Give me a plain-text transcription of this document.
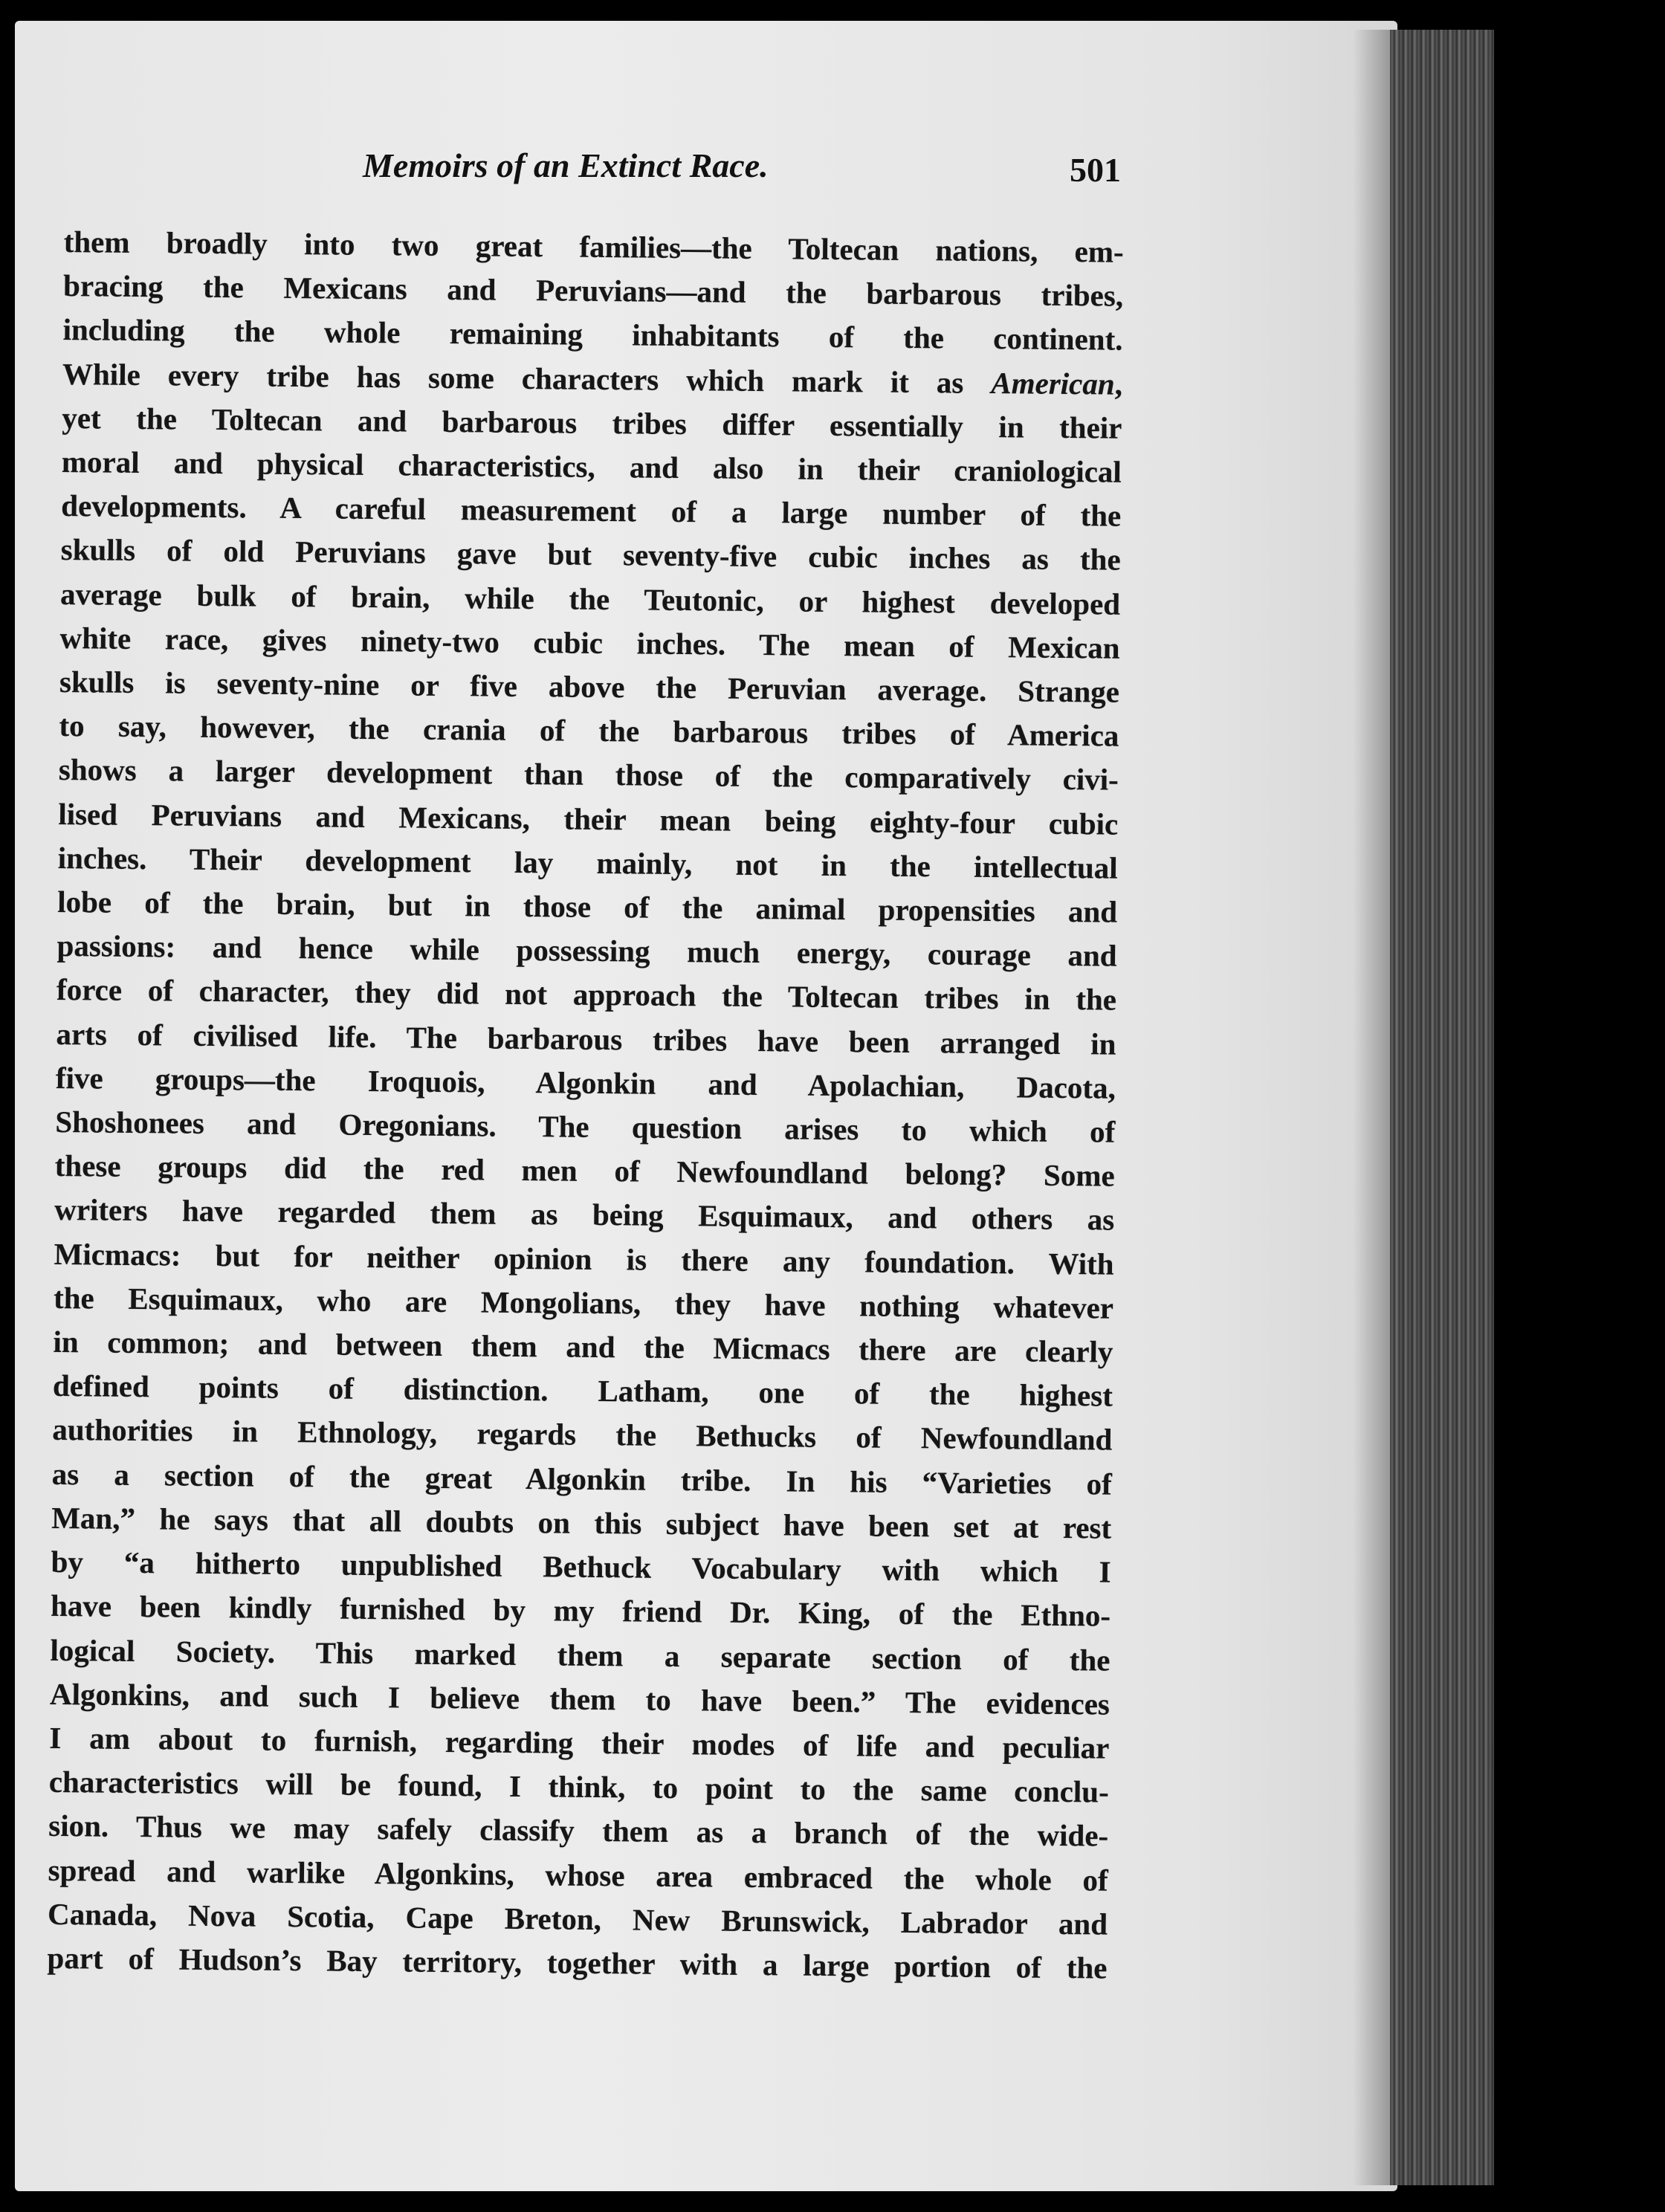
Memoirs of an Extinct Race.	501
them broadly into two great families—the Toltecan nations, em-
bracing the Mexicans and Peruvians—and the barbarous tribes,
including the whole remaining inhabitants of the continent.
While every tribe has some characters which mark it as American,
yet the Toltecan and barbarous tribes differ essentially in their
moral and physical characteristics, and also in their craniological
developments. A careful measurement of a large number of the
skulls of old Peruvians gave but seventy-five cubic inches as the
average bulk of brain, while the Teutonic, or highest developed
white race, gives ninety-two cubic inches. The mean of Mexican
skulls is seventy-nine or five above the Peruvian average. Strange
to say, however, the crania of the barbarous tribes of America
shows a larger development than those of the comparatively civi-
lised Peruvians and Mexicans, their mean being eighty-four cubic
inches. Their development lay mainly, not in the intellectual
lobe of the brain, but in those of the animal propensities and
passions: and hence while possessing much energy, courage and
force of character, they did not approach the Toltecan tribes in the
arts of civilised life. The barbarous tribes have been arranged in
five groups—the Iroquois, Algonkin and Apolachian, Dacota,
Shoshonees and Oregonians. The question arises to which of
these groups did the red men of Newfoundland belong? Some
writers have regarded them as being Esquimaux, and others as
Micmacs: but for neither opinion is there any foundation. With
the Esquimaux, who are Mongolians, they have nothing whatever
in common; and between them and the Micmacs there are clearly
defined points of distinction. Latham, one of the highest
authorities in Ethnology, regards the Bethucks of Newfoundland
as a section of the great Algonkin tribe. In his “Varieties of
Man,” he says that all doubts on this subject have been set at rest
by “a hitherto unpublished Bethuck Vocabulary with which I
have been kindly furnished by my friend Dr. King, of the Ethno-
logical Society. This marked them a separate section of the
Algonkins, and such I believe them to have been.” The evidences
I am about to furnish, regarding their modes of life and peculiar
characteristics will be found, I think, to point to the same conclu-
sion. Thus we may safely classify them as a branch of the wide-
spread and warlike Algonkins, whose area embraced the whole of
Canada, Nova Scotia, Cape Breton, New Brunswick, Labrador and
part of Hudson’s Bay territory, together with a large portion of the
